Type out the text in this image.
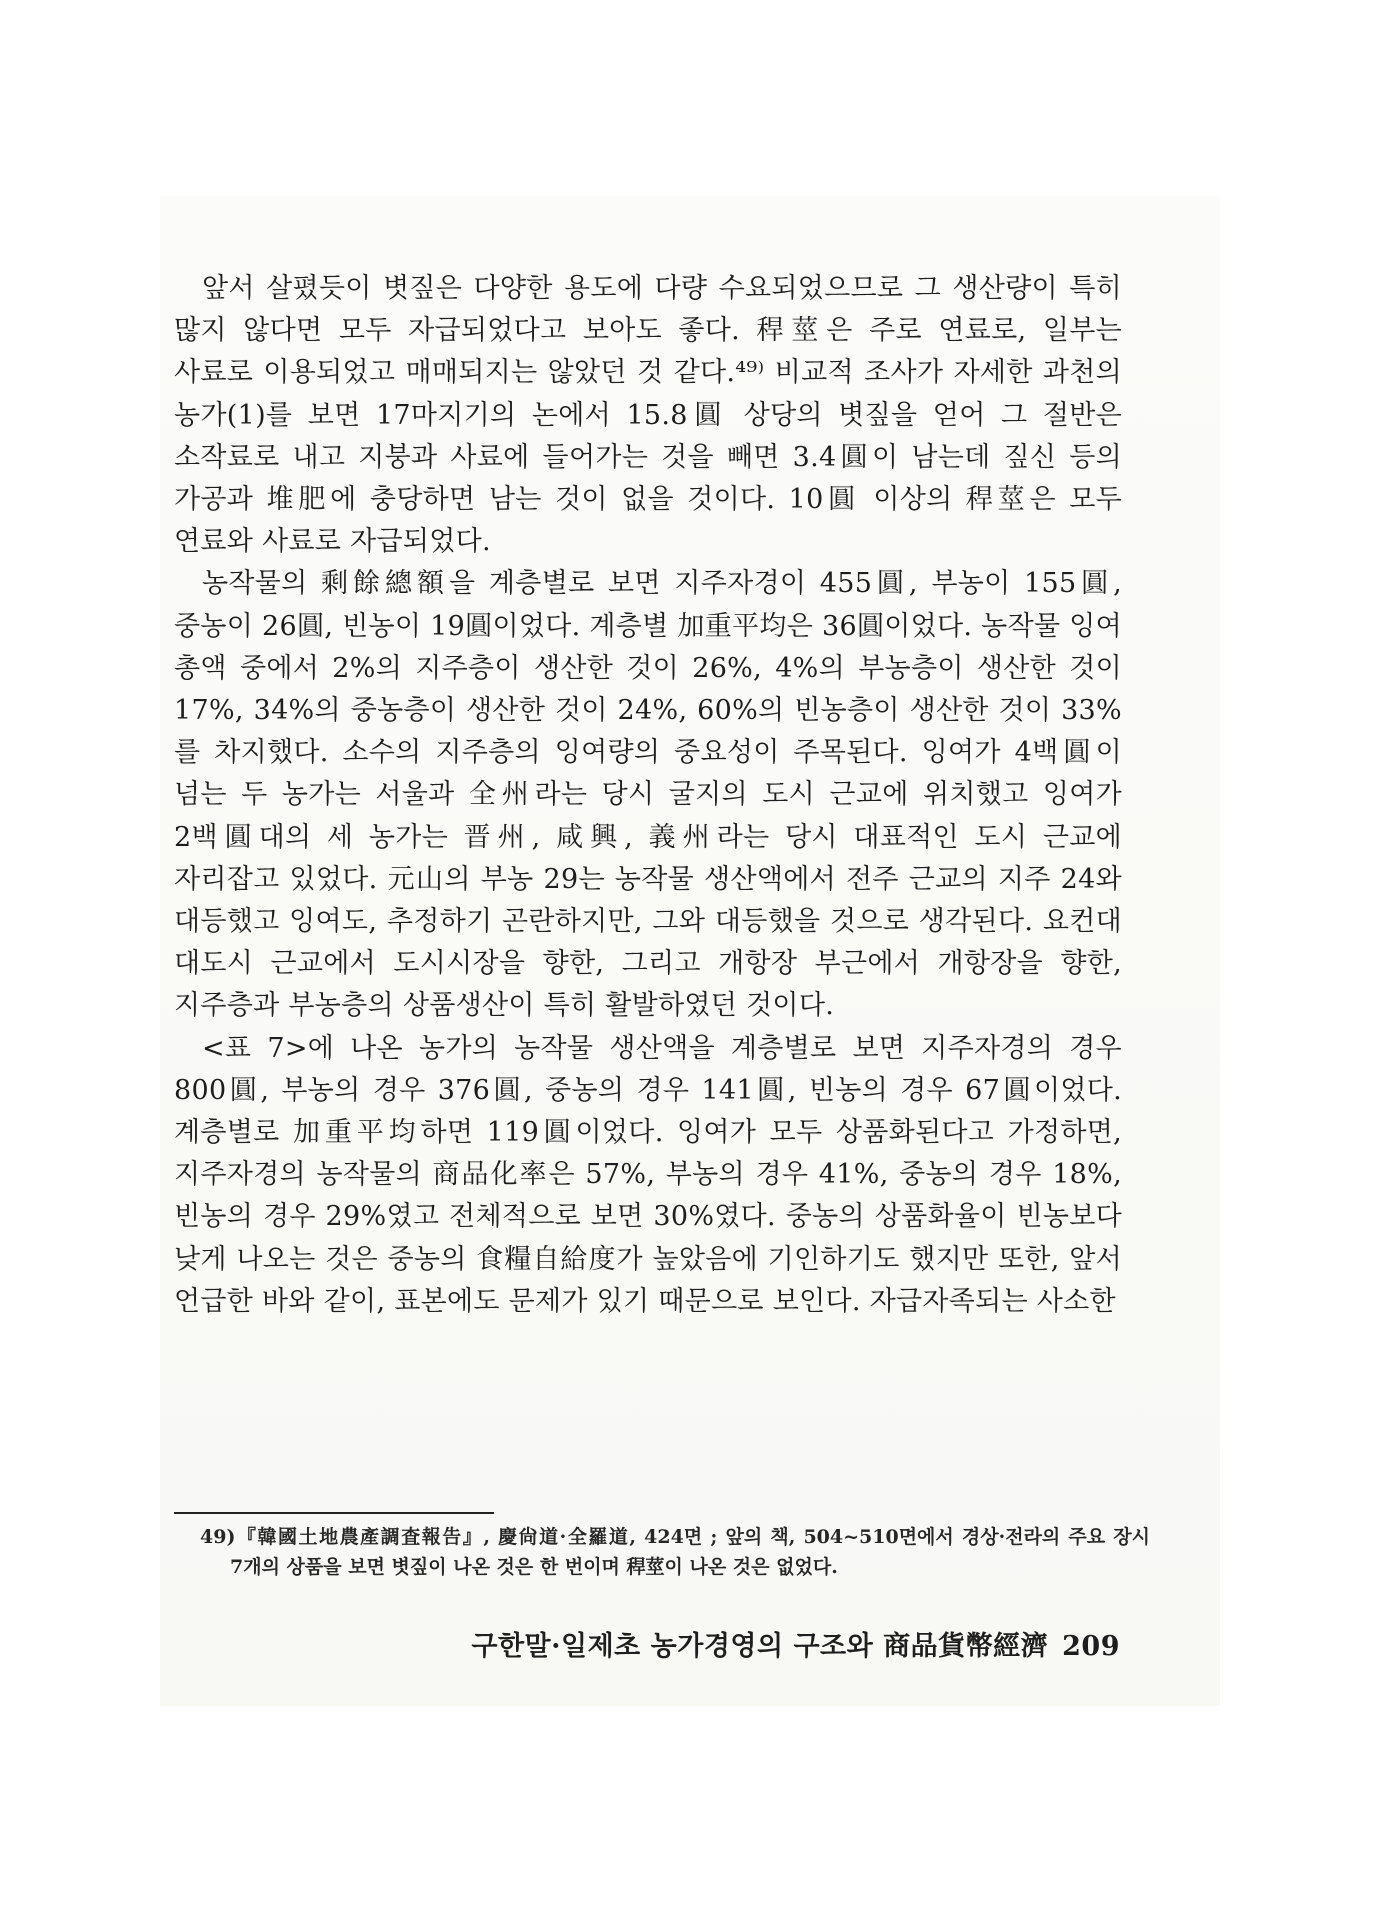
앞서 살폈듯이 볏짚은 다양한 용도에 다량 수요되었으므로 그 생산량이 특히 많지 않다면 모두 자급되었다고 보아도 좋다. 稈莖은 주로 연료로, 일부는 사료로 이용되었고 매매되지는 않았던 것 같다.⁴⁹⁾ 비교적 조사가 자세한 과천의 농가(1)를 보면 17마지기의 논에서 15.8圓 상당의 볏짚을 얻어 그 절반은 소작료로 내고 지붕과 사료에 들어가는 것을 빼면 3.4圓이 남는데 짚신 등의 가공과 堆肥에 충당하면 남는 것이 없을 것이다. 10圓 이상의 稈莖은 모두 연료와 사료로 자급되었다.

농작물의 剩餘總額을 계층별로 보면 지주자경이 455圓, 부농이 155圓, 중농이 26圓, 빈농이 19圓이었다. 계층별 加重平均은 36圓이었다. 농작물 잉여 총액 중에서 2%의 지주층이 생산한 것이 26%, 4%의 부농층이 생산한 것이 17%, 34%의 중농층이 생산한 것이 24%, 60%의 빈농층이 생산한 것이 33%를 차지했다. 소수의 지주층의 잉여량의 중요성이 주목된다. 잉여가 4백圓이 넘는 두 농가는 서울과 全州라는 당시 굴지의 도시 근교에 위치했고 잉여가 2백圓대의 세 농가는 晋州, 咸興, 義州라는 당시 대표적인 도시 근교에 자리잡고 있었다. 元山의 부농 29는 농작물 생산액에서 전주 근교의 지주 24와 대등했고 잉여도, 추정하기 곤란하지만, 그와 대등했을 것으로 생각된다. 요컨대 대도시 근교에서 도시시장을 향한, 그리고 개항장 부근에서 개항장을 향한, 지주층과 부농층의 상품생산이 특히 활발하였던 것이다.

<표 7>에 나온 농가의 농작물 생산액을 계층별로 보면 지주자경의 경우 800圓, 부농의 경우 376圓, 중농의 경우 141圓, 빈농의 경우 67圓이었다. 계층별로 加重平均하면 119圓이었다. 잉여가 모두 상품화된다고 가정하면, 지주자경의 농작물의 商品化率은 57%, 부농의 경우 41%, 중농의 경우 18%, 빈농의 경우 29%였고 전체적으로 보면 30%였다. 중농의 상품화율이 빈농보다 낮게 나오는 것은 중농의 食糧自給度가 높았음에 기인하기도 했지만 또한, 앞서 언급한 바와 같이, 표본에도 문제가 있기 때문으로 보인다. 자급자족되는 사소한

49)『韓國土地農產調査報告』, 慶尙道·全羅道, 424면 ; 앞의 책, 504~510면에서 경상·전라의 주요 장시 7개의 상품을 보면 볏짚이 나온 것은 한 번이며 稈莖이 나온 것은 없었다.

구한말·일제초 농가경영의 구조와 商品貨幣經濟 209
